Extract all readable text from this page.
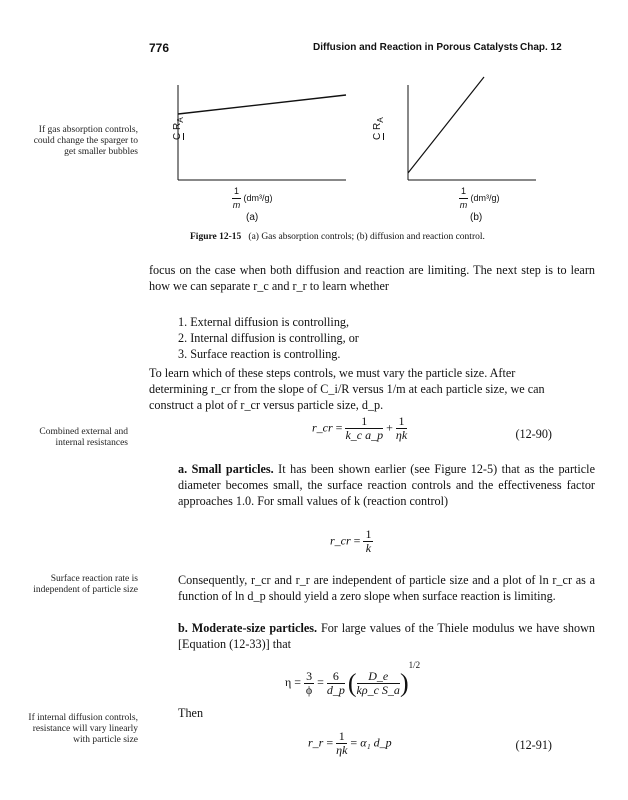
776	Diffusion and Reaction in Porous Catalysts Chap. 12
If gas absorption controls, could change the sparger to get smaller bubbles
Combined external and internal resistances
Surface reaction rate is independent of particle size
If internal diffusion controls, resistance will vary linearly with particle size
C $R_A$
C $R_A$
$\frac{1}{m} (dm^3/g)$	$\frac{1}{m} (dm^3/g)$
(a)	(b)
Figure 12-15 (a) Gas absorption controls; (b) diffusion and reaction control.
focus on the case when both diffusion and reaction are limiting. The next step is to learn how we can separate r_c and r_r to learn whether
1. External diffusion is controlling,
2. Internal diffusion is controlling, or
3. Surface reaction is controlling.
To learn which of these steps controls, we must vary the particle size. After
determining r_cr from the slope of C_i/R versus 1/m at each particle size, we can
construct a plot of r_cr versus particle size, d_p.
r_cr = $\frac{1}{\text{k\_c a\_p}} + \frac{1}{\eta k}$	(12-90)
a. Small particles. It has been shown earlier (see Figure 12-5) that as the particle diameter becomes small, the surface reaction controls and the effectiveness factor approaches 1.0. For small values of k (reaction control)
r_cr = $\frac{1}{k}$
Consequently, r_cr and r_r are independent of particle size and a plot of ln r_cr as a function of ln d_p should yield a zero slope when surface reaction is limiting.
b. Moderate-size particles. For large values of the Thiele modulus we have shown [Equation (12-33)] that
$\eta = \frac{3}{\phi} = \frac{6}{d\_p}$ ( $\frac{D\_e}{\text{kρ\_c S\_a}} )^{1/2}$
Then
r_r = $\frac{1}{\eta k} = \alpha_1$ d_p	(12-91)
